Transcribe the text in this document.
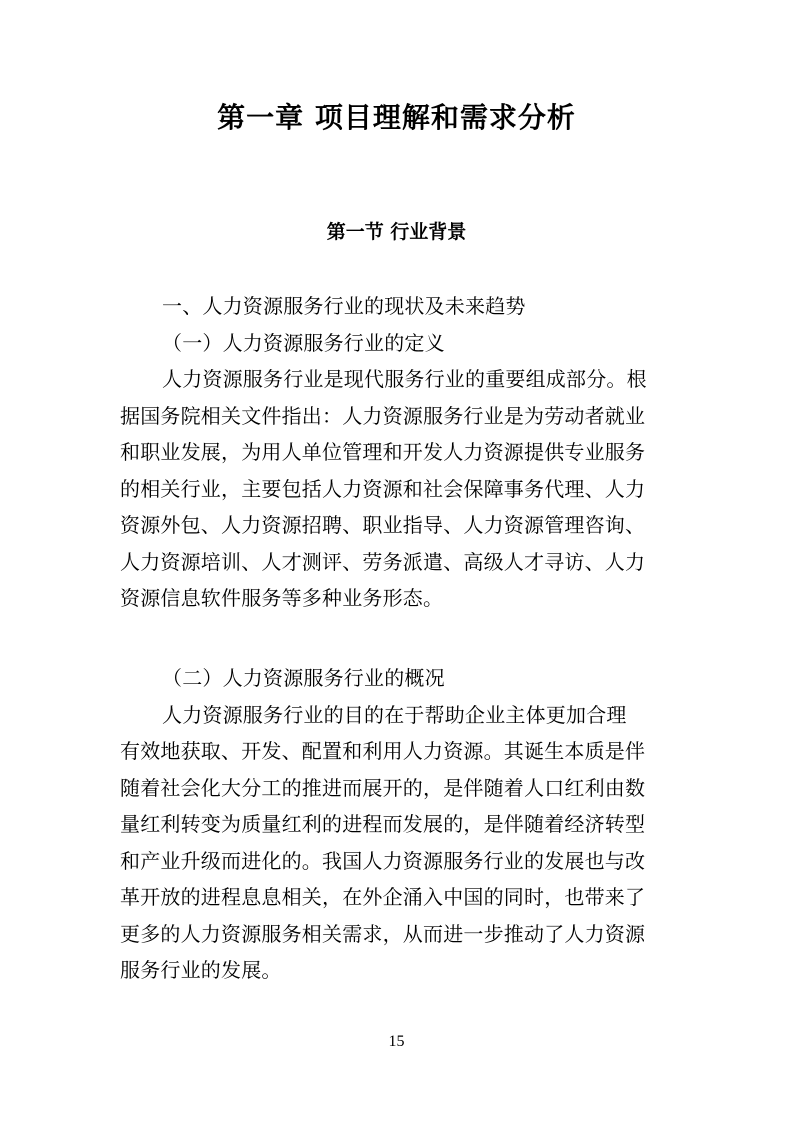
第一章 项目理解和需求分析
第一节 行业背景
一、人力资源服务行业的现状及未来趋势
（一）人力资源服务行业的定义
人力资源服务行业是现代服务行业的重要组成部分。根
据国务院相关文件指出：人力资源服务行业是为劳动者就业
和职业发展，为用人单位管理和开发人力资源提供专业服务
的相关行业，主要包括人力资源和社会保障事务代理、人力
资源外包、人力资源招聘、职业指导、人力资源管理咨询、
人力资源培训、人才测评、劳务派遣、高级人才寻访、人力
资源信息软件服务等多种业务形态。
（二）人力资源服务行业的概况
人力资源服务行业的目的在于帮助企业主体更加合理
有效地获取、开发、配置和利用人力资源。其诞生本质是伴
随着社会化大分工的推进而展开的，是伴随着人口红利由数
量红利转变为质量红利的进程而发展的，是伴随着经济转型
和产业升级而进化的。我国人力资源服务行业的发展也与改
革开放的进程息息相关，在外企涌入中国的同时，也带来了
更多的人力资源服务相关需求，从而进一步推动了人力资源
服务行业的发展。
15
